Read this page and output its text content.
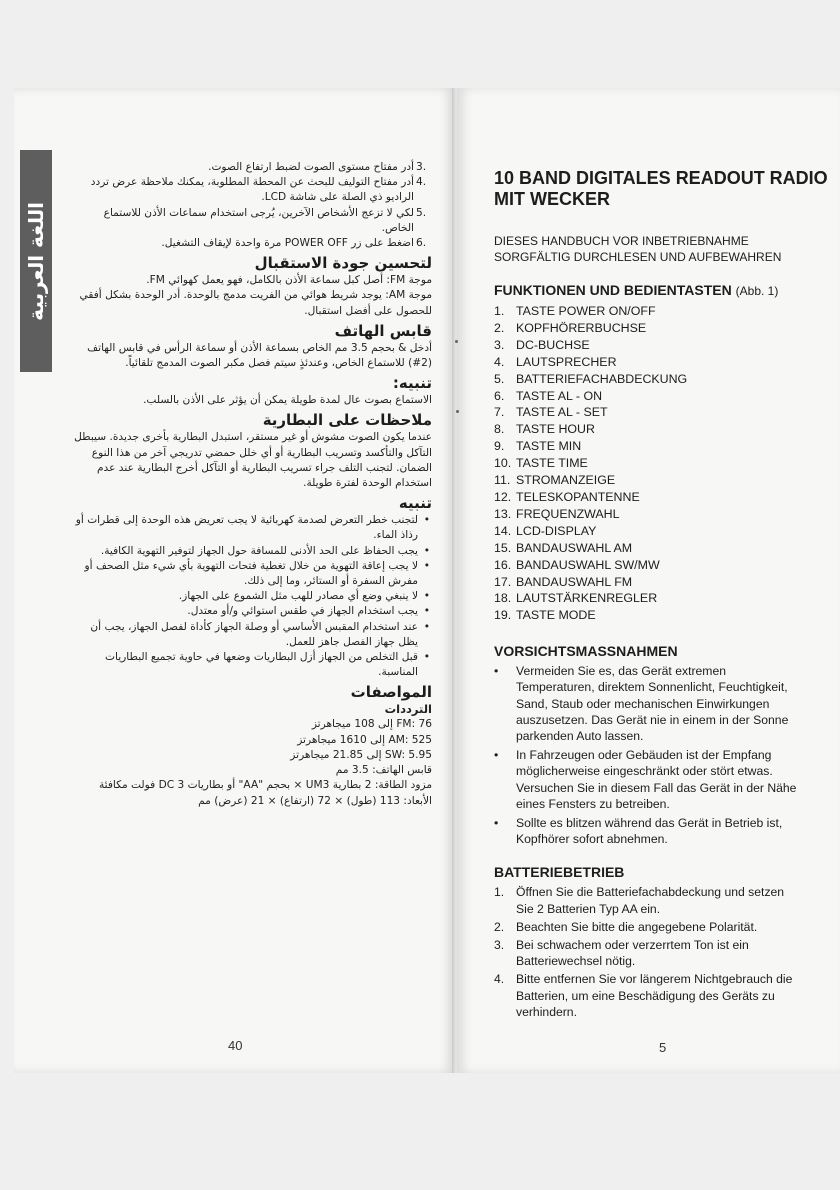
اللغة العربية
.3
أدر مفتاح مستوى الصوت لضبط ارتفاع الصوت.
.4
أدر مفتاح التوليف للبحث عن المحطة المطلوبة، يمكنك ملاحظة عرض تردد الراديو ذي الصلة على شاشة LCD.
.5
لكي لا تزعج الأشخاص الآخرين، يُرجى استخدام سماعات الأذن للاستماع الخاص.
.6
اضغط على زر POWER OFF مرة واحدة لإيقاف التشغيل.
لتحسين جودة الاستقبال

موجة FM: أصل كبل سماعة الأذن بالكامل، فهو يعمل كهوائي FM.

موجة AM: يوجد شريط هوائي من الفريت مدمج بالوحدة. أدر الوحدة بشكل أفقي للحصول على أفضل استقبال.

قابس الهاتف

أدخل & بحجم 3.5 مم الخاص بسماعة الأذن أو سماعة الرأس في قابس الهاتف (2#) للاستماع الخاص، وعندئذٍ سيتم فصل مكبر الصوت المدمج تلقائياً.

تنبيه:

الاستماع بصوت عال لمدة طويلة يمكن أن يؤثر على الأذن بالسلب.

ملاحظات على البطارية

عندما يكون الصوت مشوش أو غير مستقر، استبدل البطارية بأخرى جديدة. سيبطل التآكل والتأكسد وتسريب البطارية أو أي خلل حمضي تدريجي آخر من هذا النوع الضمان. لتجنب التلف جراء تسريب البطارية أو التآكل أخرج البطارية عند عدم استخدام الوحدة لفترة طويلة.

تنبيه
• لتجنب خطر التعرض لصدمة كهربائية لا يجب تعريض هذه الوحدة إلى قطرات أو رذاذ الماء.
• يجب الحفاظ على الحد الأدنى للمسافة حول الجهاز لتوفير التهوية الكافية.
• لا يجب إعاقة التهوية من خلال تغطية فتحات التهوية بأي شيء مثل الصحف أو مفرش السفرة أو الستائر، وما إلى ذلك.
• لا ينبغي وضع أي مصادر للهب مثل الشموع على الجهاز.
• يجب استخدام الجهاز في طقس استوائي و/أو معتدل.
• عند استخدام المقبس الأساسي أو وصلة الجهاز كأداة لفصل الجهاز، يجب أن يظل جهاز الفصل جاهز للعمل.
• قبل التخلص من الجهاز أزل البطاريات وضعها في حاوية تجميع البطاريات المناسبة.
المواصفات
الترددات

FM: 76 إلى 108 ميجاهرتز

AM: 525 إلى 1610 ميجاهرتز

SW: 5.95 إلى 21.85 ميجاهرتز

قابس الهاتف: 3.5 مم

مزود الطاقة: 2 بطارية UM3 × بحجم "AA" أو بطاريات 3 DC فولت مكافئة

الأبعاد: 113 (طول) × 72 (ارتفاع) × 21 (عرض) مم

40

10 BAND DIGITALES READOUT RADIO
MIT WECKER

DIESES HANDBUCH VOR INBETRIEBNAHME
SORGFÄLTIG DURCHLESEN UND AUFBEWAHREN

FUNKTIONEN UND BEDIENTASTEN (Abb. 1)
1. TASTE POWER ON/OFF
2. KOPFHÖRERBUCHSE
3. DC-BUCHSE
4. LAUTSPRECHER
5. BATTERIEFACHABDECKUNG
6. TASTE AL - ON
7. TASTE AL - SET
8. TASTE HOUR
9. TASTE MIN
10. TASTE TIME
11. STROMANZEIGE
12. TELESKOPANTENNE
13. FREQUENZWAHL
14. LCD-DISPLAY
15. BANDAUSWAHL AM
16. BANDAUSWAHL SW/MW
17. BANDAUSWAHL FM
18. LAUTSTÄRKENREGLER
19. TASTE MODE
VORSICHTSMASSNAHMEN
• Vermeiden Sie es, das Gerät extremen
Temperaturen, direktem Sonnenlicht, Feuchtigkeit,
Sand, Staub oder mechanischen Einwirkungen
auszusetzen. Das Gerät nie in einem in der Sonne
parkenden Auto lassen.
• In Fahrzeugen oder Gebäuden ist der Empfang
möglicherweise eingeschränkt oder stört etwas.
Versuchen Sie in diesem Fall das Gerät in der Nähe
eines Fensters zu betreiben.
• Sollte es blitzen während das Gerät in Betrieb ist,
Kopfhörer sofort abnehmen.
BATTERIEBETRIEB
1. Öffnen Sie die Batteriefachabdeckung und setzen
Sie 2 Batterien Typ AA ein.
2. Beachten Sie bitte die angegebene Polarität.
3. Bei schwachem oder verzerrtem Ton ist ein
Batteriewechsel nötig.
4. Bitte entfernen Sie vor längerem Nichtgebrauch die
Batterien, um eine Beschädigung des Geräts zu
verhindern.
5
